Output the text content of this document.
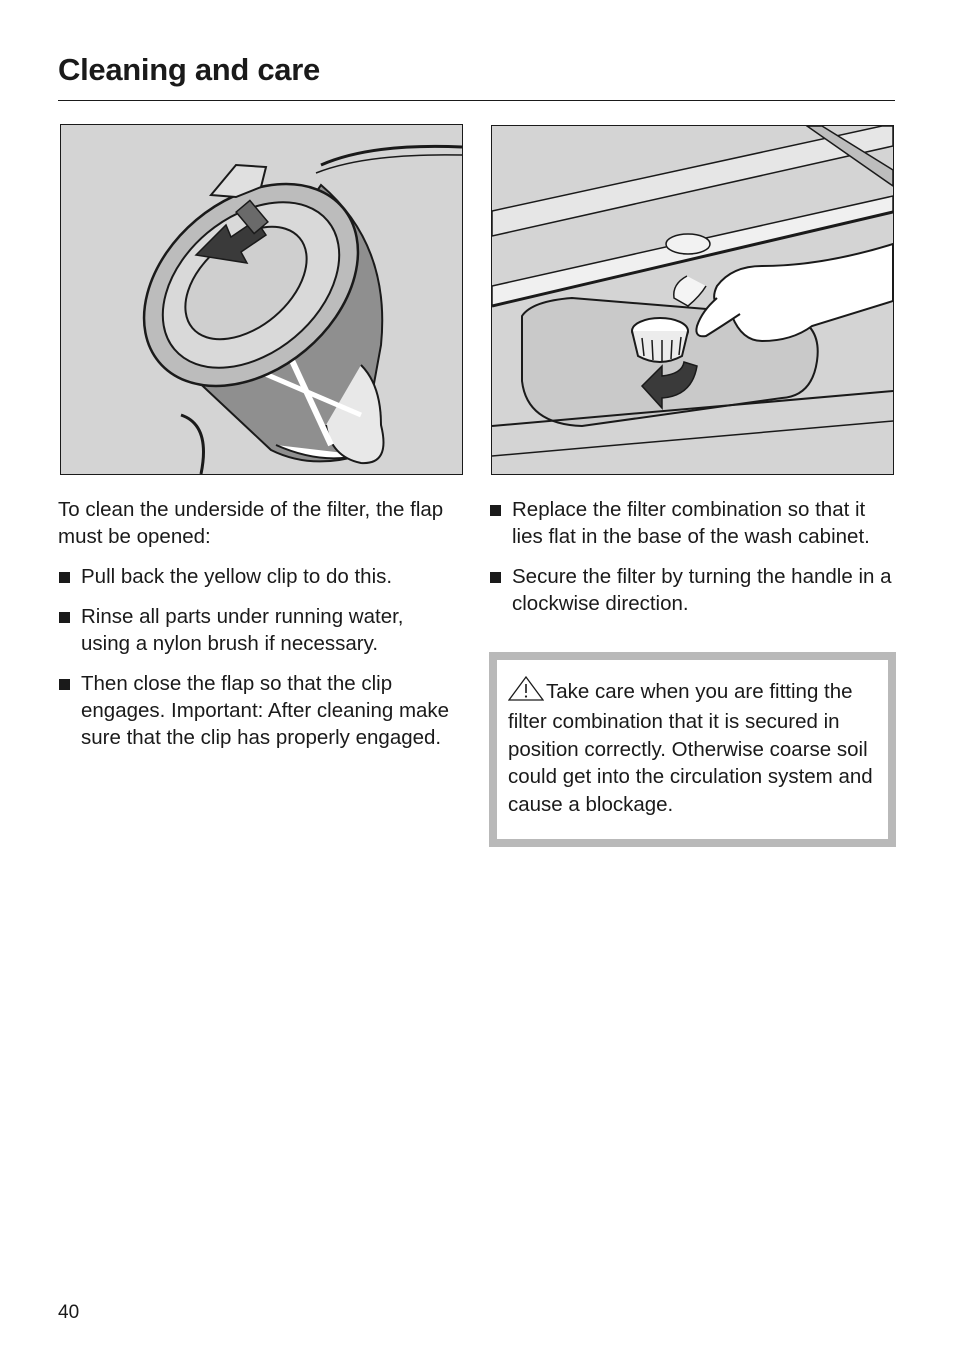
Cleaning and care

To clean the underside of the filter, the flap must be opened:

Pull back the yellow clip to do this.
Rinse all parts under running water, using a nylon brush if necessary.
Then close the flap so that the clip engages. Important: After cleaning make sure that the clip has properly engaged.
Replace the filter combination so that it lies flat in the base of the wash cabinet.
Secure the filter by turning the handle in a clockwise direction.
Take care when you are fitting the filter combination that it is secured in position correctly. Otherwise coarse soil could get into the circulation system and cause a blockage.
40
